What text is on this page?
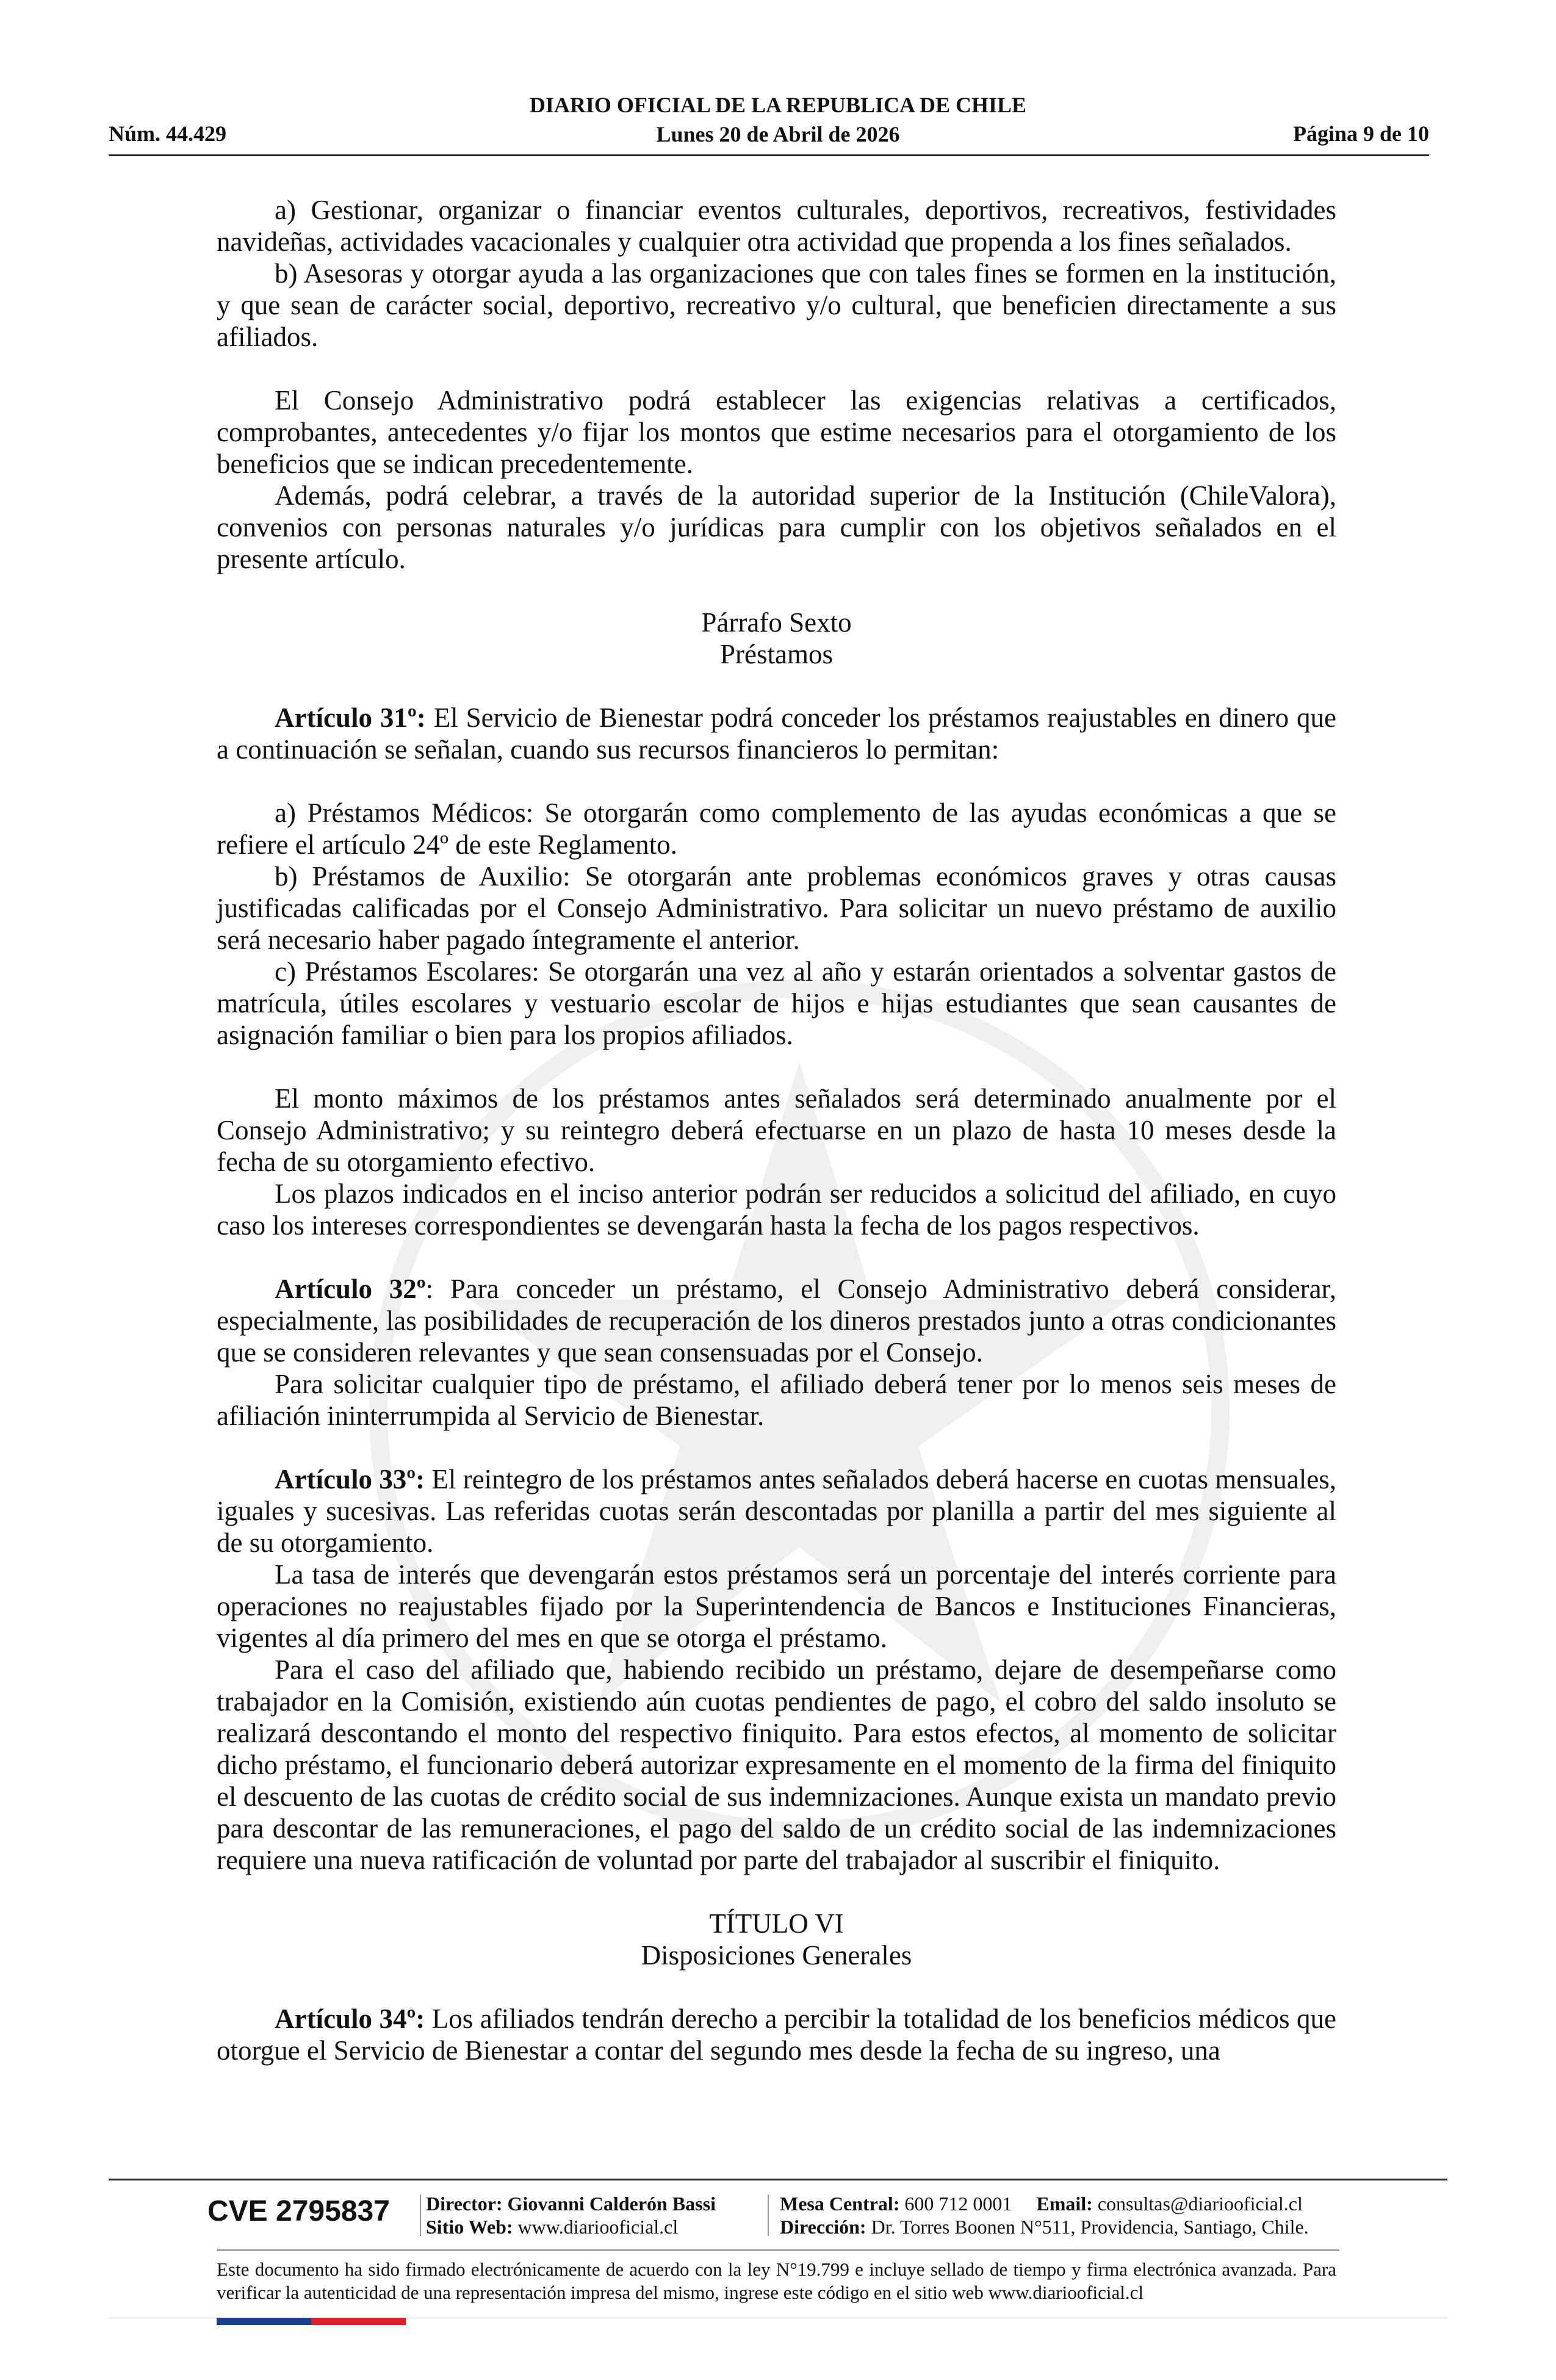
DIARIO OFICIAL DE LA REPUBLICA DE CHILE
Lunes 20 de Abril de 2026
Núm. 44.429	Página 9 de 10

a) Gestionar, organizar o financiar eventos culturales, deportivos, recreativos, festividades navideñas, actividades vacacionales y cualquier otra actividad que propenda a los fines señalados.

b) Asesoras y otorgar ayuda a las organizaciones que con tales fines se formen en la institución, y que sean de carácter social, deportivo, recreativo y/o cultural, que beneficien directamente a sus afiliados.

El Consejo Administrativo podrá establecer las exigencias relativas a certificados, comprobantes, antecedentes y/o fijar los montos que estime necesarios para el otorgamiento de los beneficios que se indican precedentemente.

Además, podrá celebrar, a través de la autoridad superior de la Institución (ChileValora), convenios con personas naturales y/o jurídicas para cumplir con los objetivos señalados en el presente artículo.

Párrafo Sexto

Préstamos

Artículo 31º: El Servicio de Bienestar podrá conceder los préstamos reajustables en dinero que a continuación se señalan, cuando sus recursos financieros lo permitan:

a) Préstamos Médicos: Se otorgarán como complemento de las ayudas económicas a que se refiere el artículo 24º de este Reglamento.

b) Préstamos de Auxilio: Se otorgarán ante problemas económicos graves y otras causas justificadas calificadas por el Consejo Administrativo. Para solicitar un nuevo préstamo de auxilio será necesario haber pagado íntegramente el anterior.

c) Préstamos Escolares: Se otorgarán una vez al año y estarán orientados a solventar gastos de matrícula, útiles escolares y vestuario escolar de hijos e hijas estudiantes que sean causantes de asignación familiar o bien para los propios afiliados.

El monto máximos de los préstamos antes señalados será determinado anualmente por el Consejo Administrativo; y su reintegro deberá efectuarse en un plazo de hasta 10 meses desde la fecha de su otorgamiento efectivo.

Los plazos indicados en el inciso anterior podrán ser reducidos a solicitud del afiliado, en cuyo caso los intereses correspondientes se devengarán hasta la fecha de los pagos respectivos.

Artículo 32º: Para conceder un préstamo, el Consejo Administrativo deberá considerar, especialmente, las posibilidades de recuperación de los dineros prestados junto a otras condicionantes que se consideren relevantes y que sean consensuadas por el Consejo.

Para solicitar cualquier tipo de préstamo, el afiliado deberá tener por lo menos seis meses de afiliación ininterrumpida al Servicio de Bienestar.

Artículo 33º: El reintegro de los préstamos antes señalados deberá hacerse en cuotas mensuales, iguales y sucesivas. Las referidas cuotas serán descontadas por planilla a partir del mes siguiente al de su otorgamiento.

La tasa de interés que devengarán estos préstamos será un porcentaje del interés corriente para operaciones no reajustables fijado por la Superintendencia de Bancos e Instituciones Financieras, vigentes al día primero del mes en que se otorga el préstamo.

Para el caso del afiliado que, habiendo recibido un préstamo, dejare de desempeñarse como trabajador en la Comisión, existiendo aún cuotas pendientes de pago, el cobro del saldo insoluto se realizará descontando el monto del respectivo finiquito. Para estos efectos, al momento de solicitar dicho préstamo, el funcionario deberá autorizar expresamente en el momento de la firma del finiquito el descuento de las cuotas de crédito social de sus indemnizaciones. Aunque exista un mandato previo para descontar de las remuneraciones, el pago del saldo de un crédito social de las indemnizaciones requiere una nueva ratificación de voluntad por parte del trabajador al suscribir el finiquito.

TÍTULO VI

Disposiciones Generales

Artículo 34º: Los afiliados tendrán derecho a percibir la totalidad de los beneficios médicos que otorgue el Servicio de Bienestar a contar del segundo mes desde la fecha de su ingreso, una

CVE 2795837 Director: Giovanni Calderón Bassi
Sitio Web: www.diariooficial.cl
Mesa Central: 600 712 0001 Email: consultas@diariooficial.cl
Dirección: Dr. Torres Boonen N°511, Providencia, Santiago, Chile.
Este documento ha sido firmado electrónicamente de acuerdo con la ley N°19.799 e incluye sellado de tiempo y firma electrónica avanzada. Para verificar la autenticidad de una representación impresa del mismo, ingrese este código en el sitio web www.diariooficial.cl
